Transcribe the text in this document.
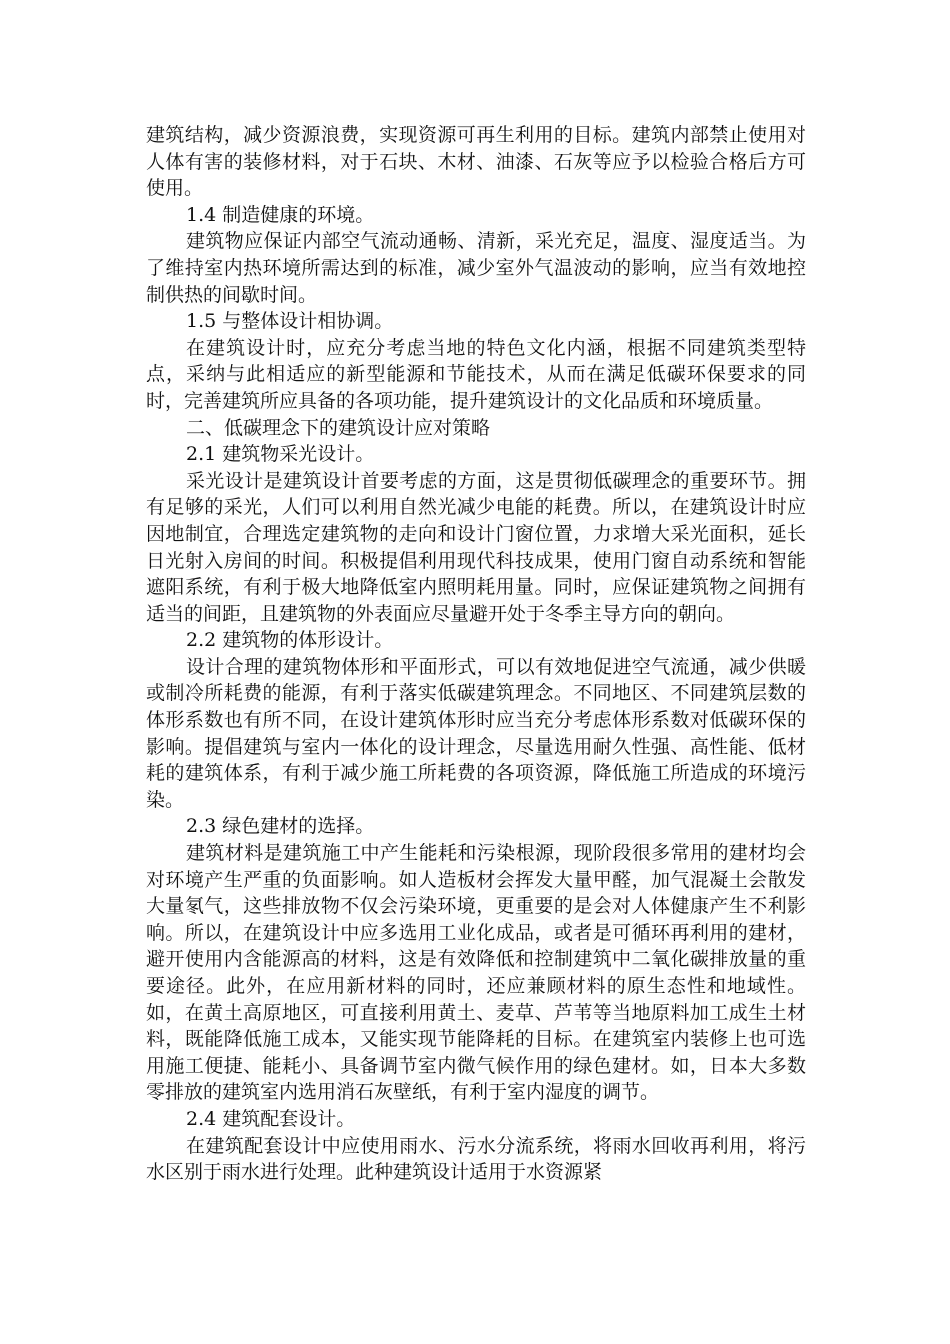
建筑结构，减少资源浪费，实现资源可再生利用的目标。建筑内部禁止使用对人体有害的装修材料，对于石块、木材、油漆、石灰等应予以检验合格后方可使用。

1.4 制造健康的环境。

建筑物应保证内部空气流动通畅、清新，采光充足，温度、湿度适当。为了维持室内热环境所需达到的标准，减少室外气温波动的影响，应当有效地控制供热的间歇时间。

1.5 与整体设计相协调。

在建筑设计时，应充分考虑当地的特色文化内涵，根据不同建筑类型特点，采纳与此相适应的新型能源和节能技术，从而在满足低碳环保要求的同时，完善建筑所应具备的各项功能，提升建筑设计的文化品质和环境质量。

二、低碳理念下的建筑设计应对策略

2.1 建筑物采光设计。

采光设计是建筑设计首要考虑的方面，这是贯彻低碳理念的重要环节。拥有足够的采光，人们可以利用自然光减少电能的耗费。所以，在建筑设计时应因地制宜，合理选定建筑物的走向和设计门窗位置，力求增大采光面积，延长日光射入房间的时间。积极提倡利用现代科技成果，使用门窗自动系统和智能遮阳系统，有利于极大地降低室内照明耗用量。同时，应保证建筑物之间拥有适当的间距，且建筑物的外表面应尽量避开处于冬季主导方向的朝向。

2.2 建筑物的体形设计。

设计合理的建筑物体形和平面形式，可以有效地促进空气流通，减少供暖或制冷所耗费的能源，有利于落实低碳建筑理念。不同地区、不同建筑层数的体形系数也有所不同，在设计建筑体形时应当充分考虑体形系数对低碳环保的影响。提倡建筑与室内一体化的设计理念，尽量选用耐久性强、高性能、低材耗的建筑体系，有利于减少施工所耗费的各项资源，降低施工所造成的环境污染。

2.3 绿色建材的选择。

建筑材料是建筑施工中产生能耗和污染根源，现阶段很多常用的建材均会对环境产生严重的负面影响。如人造板材会挥发大量甲醛，加气混凝土会散发大量氡气，这些排放物不仅会污染环境，更重要的是会对人体健康产生不利影响。所以，在建筑设计中应多选用工业化成品，或者是可循环再利用的建材，避开使用内含能源高的材料，这是有效降低和控制建筑中二氧化碳排放量的重要途径。此外，在应用新材料的同时，还应兼顾材料的原生态性和地域性。如，在黄土高原地区，可直接利用黄土、麦草、芦苇等当地原料加工成生土材料，既能降低施工成本，又能实现节能降耗的目标。在建筑室内装修上也可选用施工便捷、能耗小、具备调节室内微气候作用的绿色建材。如，日本大多数零排放的建筑室内选用消石灰壁纸，有利于室内湿度的调节。

2.4 建筑配套设计。

在建筑配套设计中应使用雨水、污水分流系统，将雨水回收再利用，将污水区别于雨水进行处理。此种建筑设计适用于水资源紧
